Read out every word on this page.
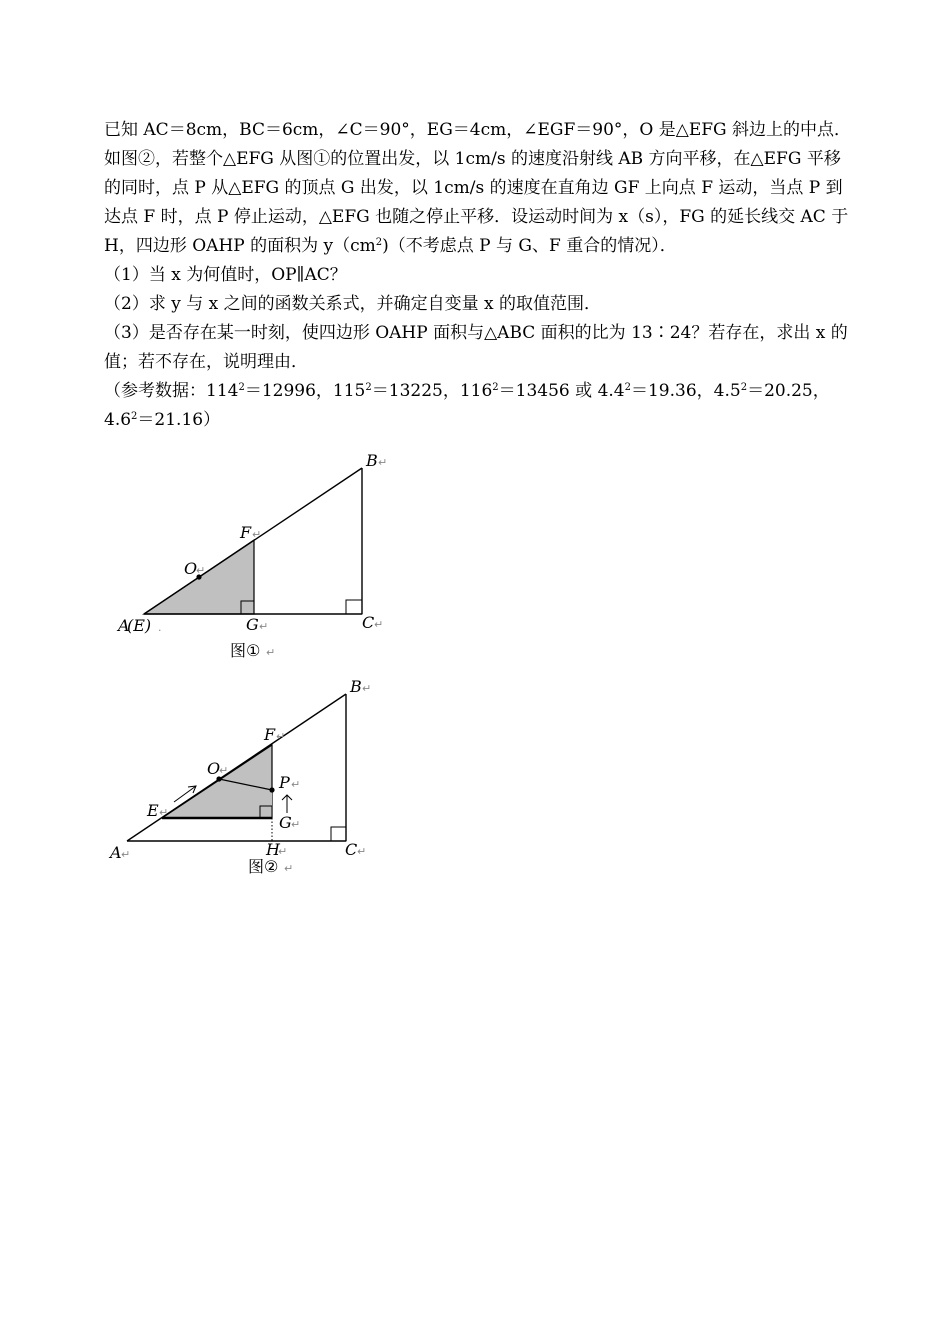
已知 AC＝8cm，BC＝6cm，∠C＝90°，EG＝4cm，∠EGF＝90°，O 是△EFG 斜边上的中点．如图②，若整个△EFG 从图①的位置出发，以 1cm/s 的速度沿射线 AB 方向平移，在△EFG 平移的同时，点 P 从△EFG 的顶点 G 出发，以 1cm/s 的速度在直角边 GF 上向点 F 运动，当点 P 到达点 F 时，点 P 停止运动，△EFG 也随之停止平移．设运动时间为 x（s），FG 的延长线交 AC 于 H，四边形 OAHP 的面积为 $y(cm^2)$（不考虑点 P 与 G、F 重合的情况）．

（1）当 x 为何值时，OP∥AC？

（2）求 y 与 x 之间的函数关系式，并确定自变量 x 的取值范围．

（3）是否存在某一时刻，使四边形 OAHP 面积与△ABC 面积的比为 13∶24？若存在，求出 x 的值；若不存在，说明理由．

（参考数据：$114^2=12996$，$115^2=13225$，$116^2=13456$ 或 $4.4^2=19.36$，$4.5^2=20.25$，$4.6^2=21.16$）

B ↵
F ↵
O
↵
A
(E) .	G ↵	C ↵
图① ↵
B ↵
F ↵
O
↵
P ↵
E ↵
G ↵
A ↵	H
↵	C ↵
图② ↵
